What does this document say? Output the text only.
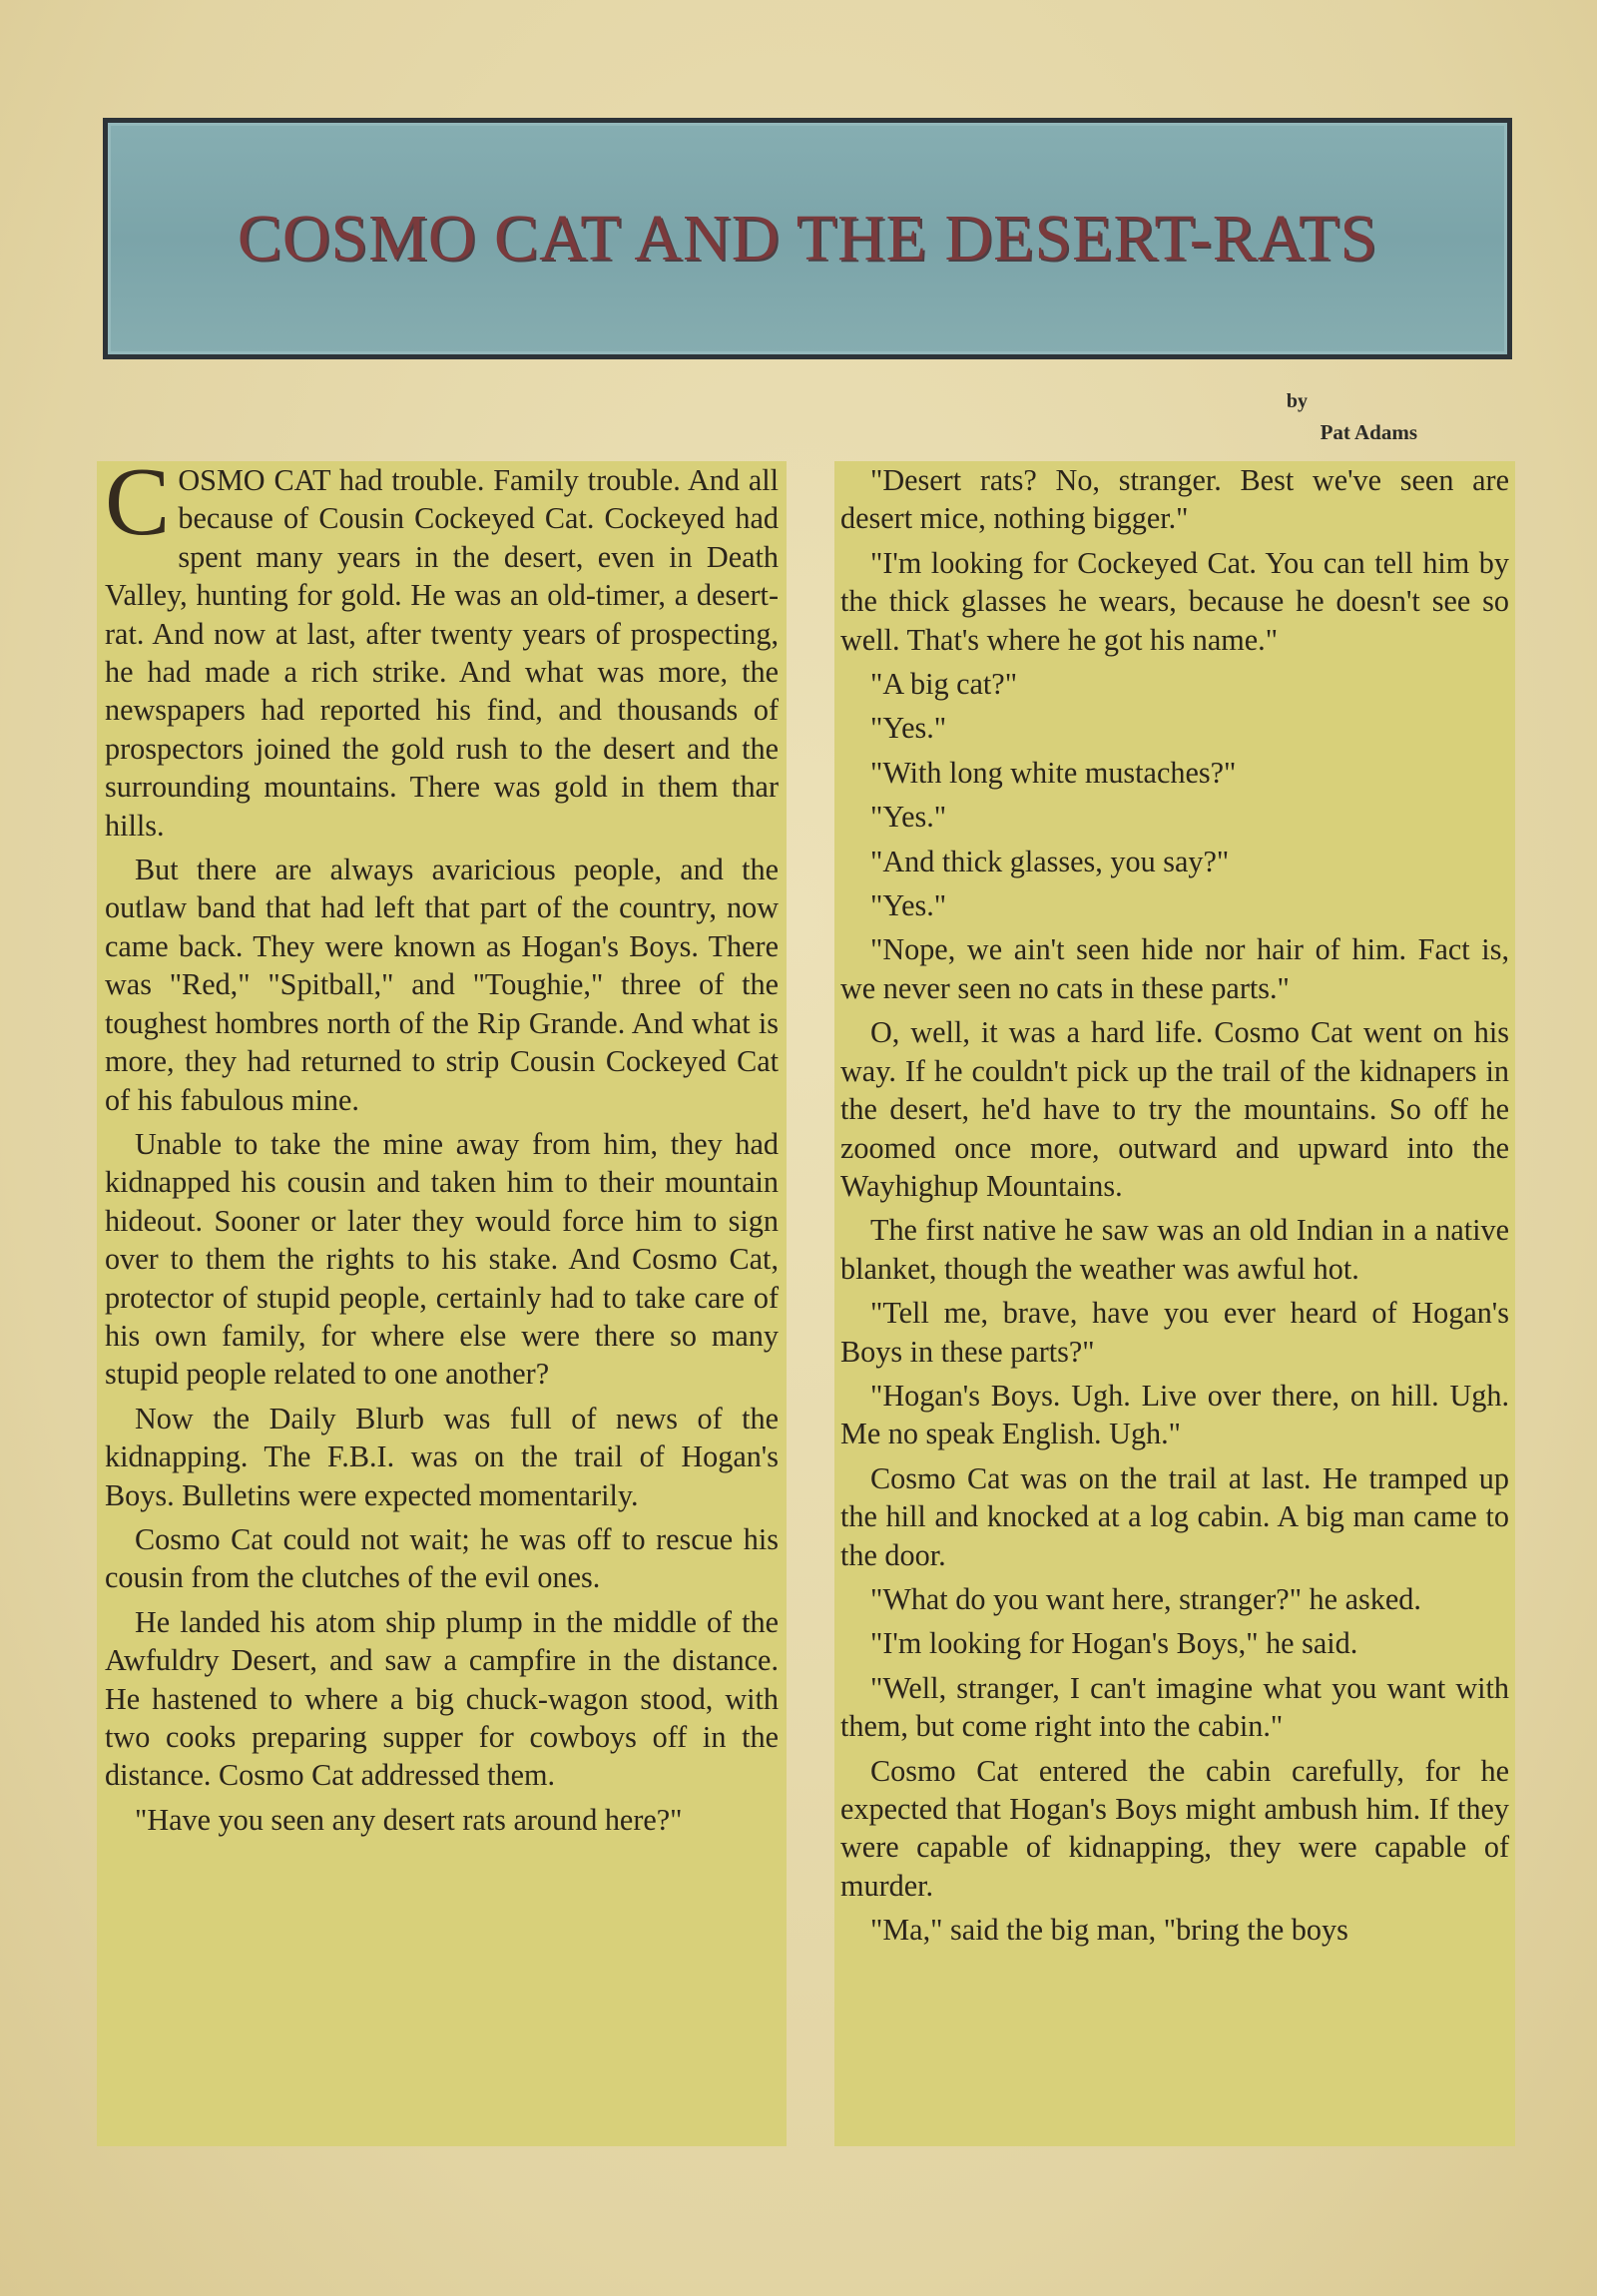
COSMO CAT AND THE DESERT-RATS
by
Pat Adams

COSMO CAT had trouble. Family trouble. And all because of Cousin Cockeyed Cat. Cockeyed had spent many years in the desert, even in Death Valley, hunting for gold. He was an old-timer, a desert-rat. And now at last, after twenty years of prospecting, he had made a rich strike. And what was more, the newspapers had reported his find, and thousands of prospectors joined the gold rush to the desert and the surrounding mountains. There was gold in them thar hills.

But there are always avaricious people, and the outlaw band that had left that part of the country, now came back. They were known as Hogan's Boys. There was "Red," "Spitball," and "Toughie," three of the toughest hombres north of the Rip Grande. And what is more, they had returned to strip Cousin Cockeyed Cat of his fabulous mine.

Unable to take the mine away from him, they had kidnapped his cousin and taken him to their mountain hideout. Sooner or later they would force him to sign over to them the rights to his stake. And Cosmo Cat, protector of stupid people, certainly had to take care of his own family, for where else were there so many stupid people related to one another?

Now the Daily Blurb was full of news of the kidnapping. The F.B.I. was on the trail of Hogan's Boys. Bulletins were expected momentarily.

Cosmo Cat could not wait; he was off to rescue his cousin from the clutches of the evil ones.

He landed his atom ship plump in the middle of the Awfuldry Desert, and saw a campfire in the distance. He hastened to where a big chuck-wagon stood, with two cooks preparing supper for cowboys off in the distance. Cosmo Cat addressed them.

"Have you seen any desert rats around here?"

"Desert rats? No, stranger. Best we've seen are desert mice, nothing bigger."

"I'm looking for Cockeyed Cat. You can tell him by the thick glasses he wears, because he doesn't see so well. That's where he got his name."

"A big cat?"

"Yes."

"With long white mustaches?"

"Yes."

"And thick glasses, you say?"

"Yes."

"Nope, we ain't seen hide nor hair of him. Fact is, we never seen no cats in these parts."

O, well, it was a hard life. Cosmo Cat went on his way. If he couldn't pick up the trail of the kidnapers in the desert, he'd have to try the mountains. So off he zoomed once more, outward and upward into the Wayhighup Mountains.

The first native he saw was an old Indian in a native blanket, though the weather was awful hot.

"Tell me, brave, have you ever heard of Hogan's Boys in these parts?"

"Hogan's Boys. Ugh. Live over there, on hill. Ugh. Me no speak English. Ugh."

Cosmo Cat was on the trail at last. He tramped up the hill and knocked at a log cabin. A big man came to the door.

"What do you want here, stranger?" he asked.

"I'm looking for Hogan's Boys," he said.

"Well, stranger, I can't imagine what you want with them, but come right into the cabin."

Cosmo Cat entered the cabin carefully, for he expected that Hogan's Boys might ambush him. If they were capable of kidnapping, they were capable of murder.

"Ma," said the big man, "bring the boys
